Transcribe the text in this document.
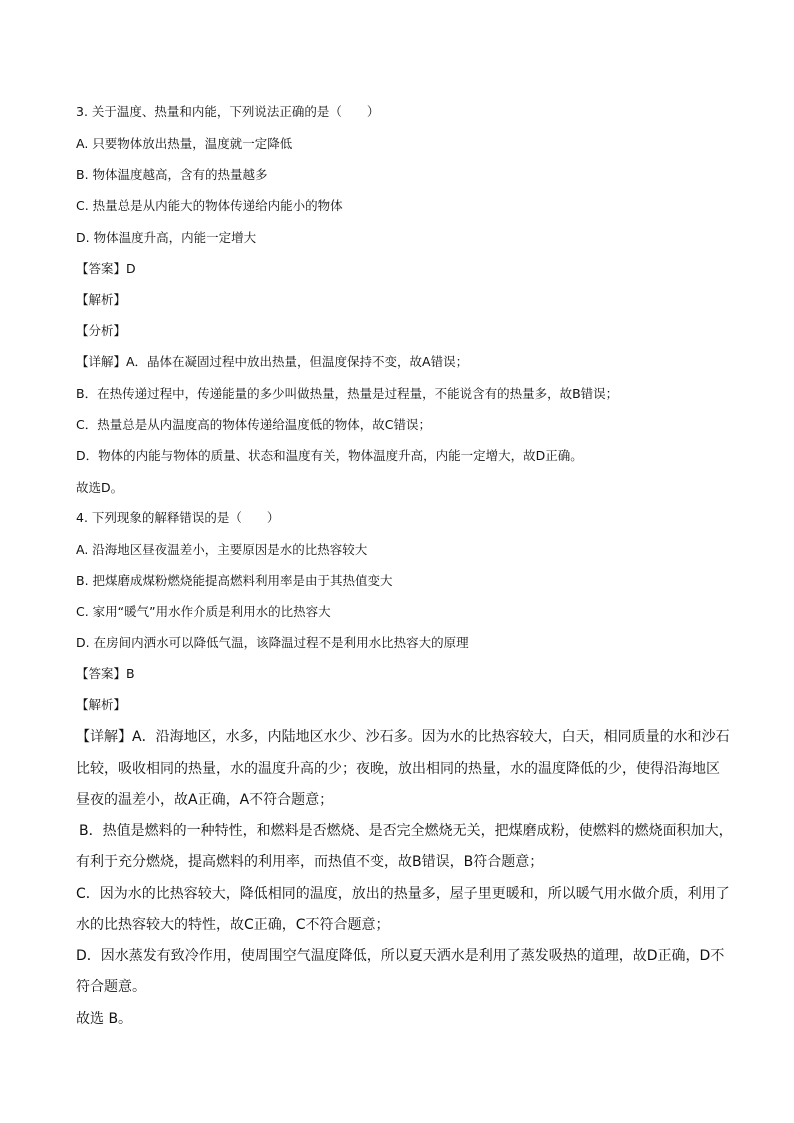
3. 关于温度、热量和内能，下列说法正确的是（　　）
A. 只要物体放出热量，温度就一定降低
B. 物体温度越高，含有的热量越多
C. 热量总是从内能大的物体传递给内能小的物体
D. 物体温度升高，内能一定增大
【答案】D
【解析】
【分析】
【详解】A．晶体在凝固过程中放出热量，但温度保持不变，故A错误；
B．在热传递过程中，传递能量的多少叫做热量，热量是过程量，不能说含有的热量多，故B错误；
C．热量总是从内温度高的物体传递给温度低的物体，故C错误；
D．物体的内能与物体的质量、状态和温度有关，物体温度升高，内能一定增大，故D正确。
故选D。
4. 下列现象的解释错误的是（　　）
A. 沿海地区昼夜温差小，主要原因是水的比热容较大
B. 把煤磨成煤粉燃烧能提高燃料利用率是由于其热值变大
C. 家用“暖气”用水作介质是利用水的比热容大
D. 在房间内洒水可以降低气温，该降温过程不是利用水比热容大的原理
【答案】B
【解析】
【详解】A．沿海地区，水多，内陆地区水少、沙石多。因为水的比热容较大，白天，相同质量的水和沙石
比较，吸收相同的热量，水的温度升高的少；夜晚，放出相同的热量，水的温度降低的少，使得沿海地区
昼夜的温差小，故A正确，A不符合题意；
B．热值是燃料的一种特性，和燃料是否燃烧、是否完全燃烧无关，把煤磨成粉，使燃料的燃烧面积加大，
有利于充分燃烧，提高燃料的利用率，而热值不变，故B错误，B符合题意；
C．因为水的比热容较大，降低相同的温度，放出的热量多，屋子里更暖和，所以暖气用水做介质，利用了
水的比热容较大的特性，故C正确，C不符合题意；
D．因水蒸发有致冷作用，使周围空气温度降低，所以夏天洒水是利用了蒸发吸热的道理，故D正确，D不
符合题意。
故选 B。
